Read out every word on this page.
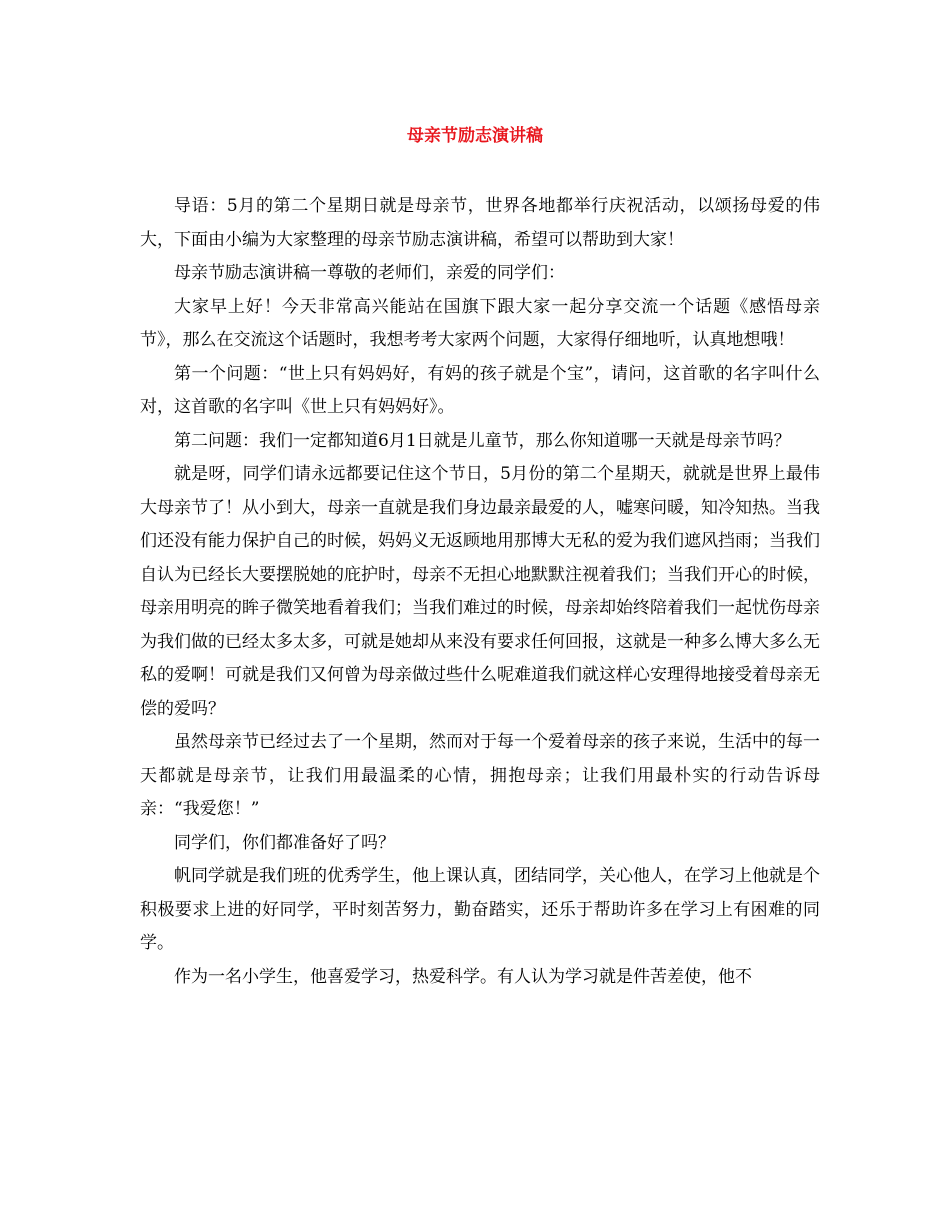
母亲节励志演讲稿

导语：5月的第二个星期日就是母亲节，世界各地都举行庆祝活动，以颂扬母爱的伟大，下面由小编为大家整理的母亲节励志演讲稿，希望可以帮助到大家！

母亲节励志演讲稿一尊敬的老师们，亲爱的同学们：

大家早上好！今天非常高兴能站在国旗下跟大家一起分享交流一个话题《感悟母亲节》，那么在交流这个话题时，我想考考大家两个问题，大家得仔细地听，认真地想哦！

第一个问题：“世上只有妈妈好，有妈的孩子就是个宝”，请问，这首歌的名字叫什么对，这首歌的名字叫《世上只有妈妈好》。

第二问题：我们一定都知道6月1日就是儿童节，那么你知道哪一天就是母亲节吗？

就是呀，同学们请永远都要记住这个节日，5月份的第二个星期天，就就是世界上最伟大母亲节了！从小到大，母亲一直就是我们身边最亲最爱的人，嘘寒问暖，知冷知热。当我们还没有能力保护自己的时候，妈妈义无返顾地用那博大无私的爱为我们遮风挡雨；当我们自认为已经长大要摆脱她的庇护时，母亲不无担心地默默注视着我们；当我们开心的时候，母亲用明亮的眸子微笑地看着我们；当我们难过的时候，母亲却始终陪着我们一起忧伤母亲为我们做的已经太多太多，可就是她却从来没有要求任何回报，这就是一种多么博大多么无私的爱啊！可就是我们又何曾为母亲做过些什么呢难道我们就这样心安理得地接受着母亲无偿的爱吗？

虽然母亲节已经过去了一个星期，然而对于每一个爱着母亲的孩子来说，生活中的每一天都就是母亲节，让我们用最温柔的心情，拥抱母亲；让我们用最朴实的行动告诉母亲：“我爱您！”

同学们，你们都准备好了吗？

帆同学就是我们班的优秀学生，他上课认真，团结同学，关心他人，在学习上他就是个积极要求上进的好同学，平时刻苦努力，勤奋踏实，还乐于帮助许多在学习上有困难的同学。

作为一名小学生，他喜爱学习，热爱科学。有人认为学习就是件苦差使，他不
